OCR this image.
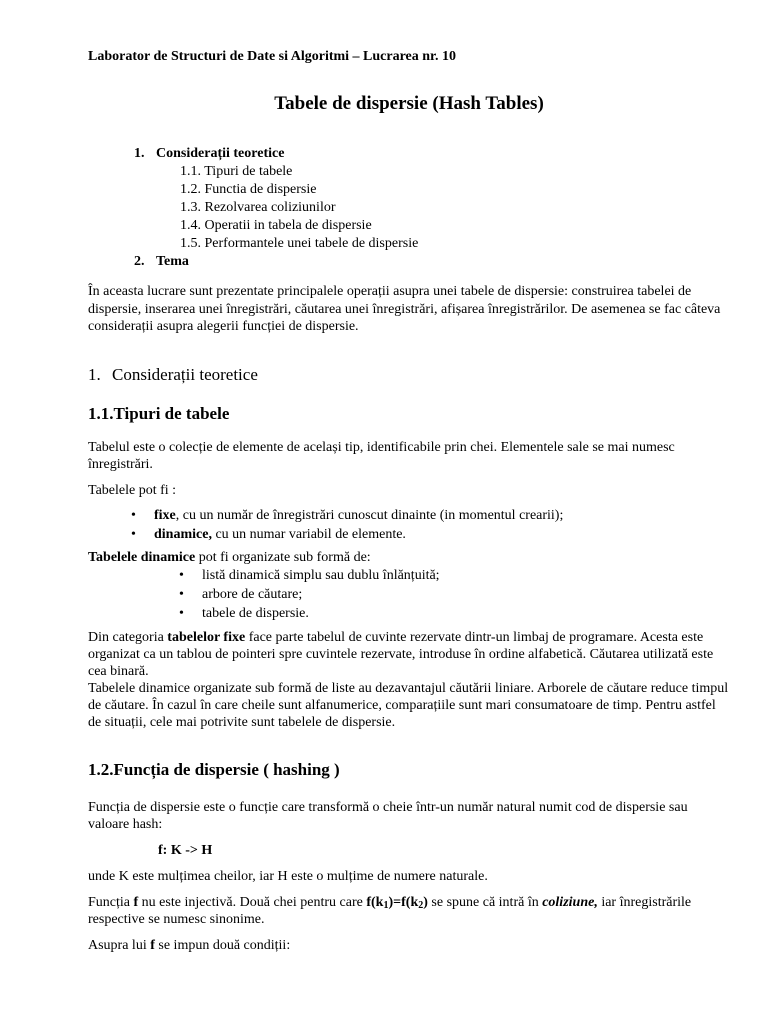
Laborator de Structuri de Date si Algoritmi – Lucrarea nr. 10

Tabele de dispersie (Hash Tables)
1. Considerații teoretice
1.1. Tipuri de tabele
1.2. Functia de dispersie
1.3. Rezolvarea coliziunilor
1.4. Operatii in tabela de dispersie
1.5. Performantele unei tabele de dispersie
2. Tema

În aceasta lucrare sunt prezentate principalele operații asupra unei tabele de dispersie: construirea tabelei de dispersie, inserarea unei înregistrări, căutarea unei înregistrări, afișarea înregistrărilor. De asemenea se fac câteva considerații asupra alegerii funcției de dispersie.

1. Considerații teoretice
1.1.Tipuri de tabele

Tabelul este o colecție de elemente de același tip, identificabile prin chei. Elementele sale se mai numesc înregistrări.

Tabelele pot fi :

• fixe, cu un număr de înregistrări cunoscut dinainte (in momentul crearii);
• dinamice, cu un numar variabil de elemente.

Tabelele dinamice pot fi organizate sub formă de:

• listă dinamică simplu sau dublu înlănțuită;
• arbore de căutare;
• tabele de dispersie.

Din categoria tabelelor fixe face parte tabelul de cuvinte rezervate dintr-un limbaj de programare. Acesta este organizat ca un tablou de pointeri spre cuvintele rezervate, introduse în ordine alfabetică. Căutarea utilizată este cea binară.

Tabelele dinamice organizate sub formă de liste au dezavantajul căutării liniare. Arborele de căutare reduce timpul de căutare. În cazul în care cheile sunt alfanumerice, comparațiile sunt mari consumatoare de timp. Pentru astfel de situații, cele mai potrivite sunt tabelele de dispersie.

1.2.Funcția de dispersie ( hashing )

Funcția de dispersie este o funcție care transformă o cheie într-un număr natural numit cod de dispersie sau valoare hash:

f: K -> H

unde K este mulțimea cheilor, iar H este o mulțime de numere naturale.

Funcția f nu este injectivă. Două chei pentru care $f(k_1)=f(k_2)$ se spune că intră în coliziune, iar înregistrările respective se numesc sinonime.

Asupra lui f se impun două condiții:
